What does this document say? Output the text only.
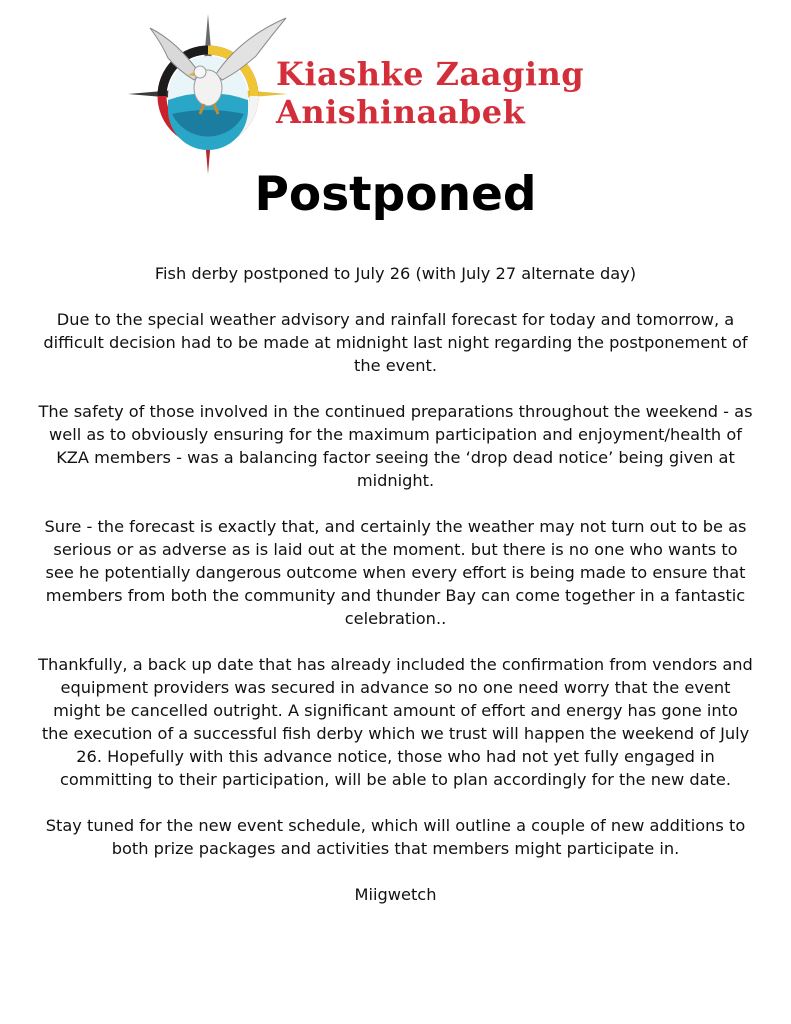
Kiashke Zaaging
Anishinaabek
Postponed

Fish derby postponed to July 26 (with July 27 alternate day)

Due to the special weather advisory and rainfall forecast for today and tomorrow, a difficult decision had to be made at midnight last night regarding the postponement of the event.

The safety of those involved in the continued preparations throughout the weekend - as well as to obviously ensuring for the maximum participation and enjoyment/health of KZA members - was a balancing factor seeing the ‘drop dead notice’ being given at midnight.

Sure - the forecast is exactly that, and certainly the weather may not turn out to be as serious or as adverse as is laid out at the moment. but there is no one who wants to see he potentially dangerous outcome when every effort is being made to ensure that members from both the community and thunder Bay can come together in a fantastic celebration..

Thankfully, a back up date that has already included the confirmation from vendors and equipment providers was secured in advance so no one need worry that the event might be cancelled outright. A significant amount of effort and energy has gone into the execution of a successful fish derby which we trust will happen the weekend of July 26. Hopefully with this advance notice, those who had not yet fully engaged in committing to their participation, will be able to plan accordingly for the new date.

Stay tuned for the new event schedule, which will outline a couple of new additions to both prize packages and activities that members might participate in.

Miigwetch
